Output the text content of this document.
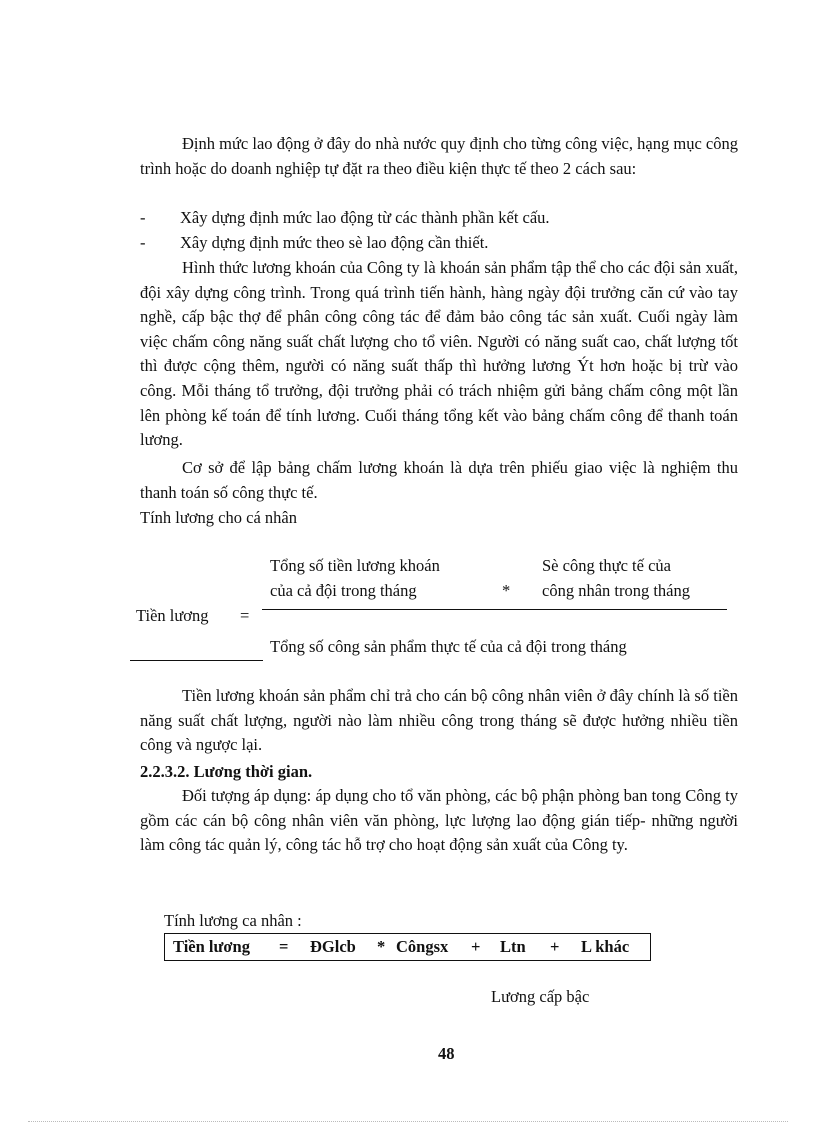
Định mức lao động ở đây do nhà nước quy định cho từng công việc, hạng mục công trình hoặc do doanh nghiệp tự đặt ra theo điều kiện thực tế theo 2 cách sau:
- Xây dựng định mức lao động từ các thành phần kết cấu.
- Xây dựng định mức theo sè lao động cần thiết.
Hình thức lương khoán của Công ty là khoán sản phẩm tập thể cho các đội sản xuất, đội xây dựng công trình. Trong quá trình tiến hành, hàng ngày đội trưởng căn cứ vào tay nghề, cấp bậc thợ để phân công công tác để đảm bảo công tác sản xuất. Cuối ngày làm việc chấm công năng suất chất lượng cho tổ viên. Người có năng suất cao, chất lượng tốt thì được cộng thêm, người có năng suất thấp thì hưởng lương Ýt hơn hoặc bị trừ vào công. Mỗi tháng tổ trưởng, đội trưởng phải có trách nhiệm gửi bảng chấm công một lần lên phòng kế toán để tính lương. Cuối tháng tổng kết vào bảng chấm công để thanh toán lương.
Cơ sở để lập bảng chấm lương khoán là dựa trên phiếu giao việc là nghiệm thu thanh toán số công thực tế.
Tính lương cho cá nhân
Tổng số tiền lương khoán
của cả đội trong tháng	*
Sè công thực tế của
công nhân trong tháng
Tiền lương =
Tổng số công sản phẩm thực tế của cả đội trong tháng
Tiền lương khoán sản phẩm chỉ trả cho cán bộ công nhân viên ở đây chính là số tiền năng suất chất lượng, người nào làm nhiều công trong tháng sẽ được hưởng nhiều tiền công và ngược lại.
2.2.3.2. Lương thời gian.
Đối tượng áp dụng: áp dụng cho tổ văn phòng, các bộ phận phòng ban tong Công ty gồm các cán bộ công nhân viên văn phòng, lực lượng lao động gián tiếp- những người làm công tác quản lý, công tác hỗ trợ cho hoạt động sản xuất của Công ty.
Tính lương ca nhân :
Tiền lương = ĐGlcb * Côngsx + Ltn + L khác
Lương cấp bậc
48
